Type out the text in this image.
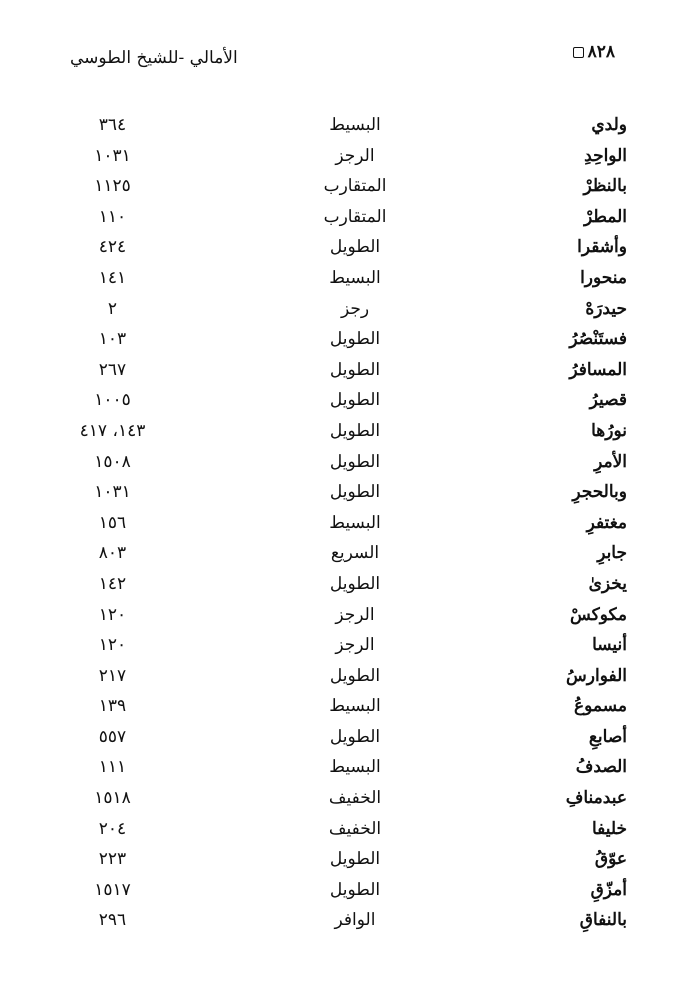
٨٢٨
الأمالي -للشيخ الطوسي
ولدي
البسيط
٣٦٤
الواحِدِ
الرجز
١٠٣١
بالنظرْ
المتقارب
١١٢٥
المطرْ
المتقارب
١١٠
وأشقرا
الطويل
٤٢٤
منحورا
البسيط
١٤١
حيدرَهْ
رجز
٢
فستَنْصُرُ
الطويل
١٠٣
المسافرُ
الطويل
٢٦٧
قصيرُ
الطويل
١٠٠٥
نورُها
الطويل
١٤٣، ٤١٧
الأمرِ
الطويل
١٥٠٨
وبالحجرِ
الطويل
١٠٣١
مغتفرِ
البسيط
١٥٦
جابرِ
السريع
٨٠٣
يخزىٰ
الطويل
١٤٢
مكوكسْ
الرجز
١٢٠
أنيسا
الرجز
١٢٠
الفوارسُ
الطويل
٢١٧
مسموعُ
البسيط
١٣٩
أصابعِ
الطويل
٥٥٧
الصدفُ
البسيط
١١١
عبدمنافِ
الخفيف
١٥١٨
خليفا
الخفيف
٢٠٤
عوّقُ
الطويل
٢٢٣
أمزّقِ
الطويل
١٥١٧
بالنفاقِ
الوافر
٢٩٦
